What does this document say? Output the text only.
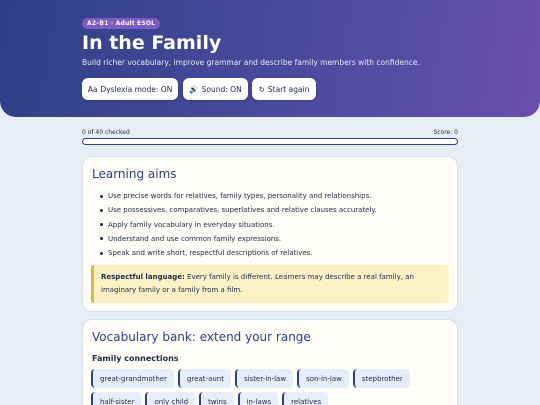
A2–B1 · Adult ESOL
In the Family
Build richer vocabulary, improve grammar and describe family members with confidence.
Aa Dyslexia mode: ON 🔊 Sound: ON ↻ Start again
0 of 40 checked	Score: 0
Learning aims
Use precise words for relatives, family types, personality and relationships.
Use possessives, comparatives, superlatives and relative clauses accurately.
Apply family vocabulary in everyday situations.
Understand and use common family expressions.
Speak and write short, respectful descriptions of relatives.
Respectful language: Every family is different. Learners may describe a real family, an imaginary family or a family from a film.
Vocabulary bank: extend your range
Family connections
great-grandmother	great-aunt	sister-in-law	son-in-law	stepbrother
half-sister	only child	twins	in-laws	relatives
